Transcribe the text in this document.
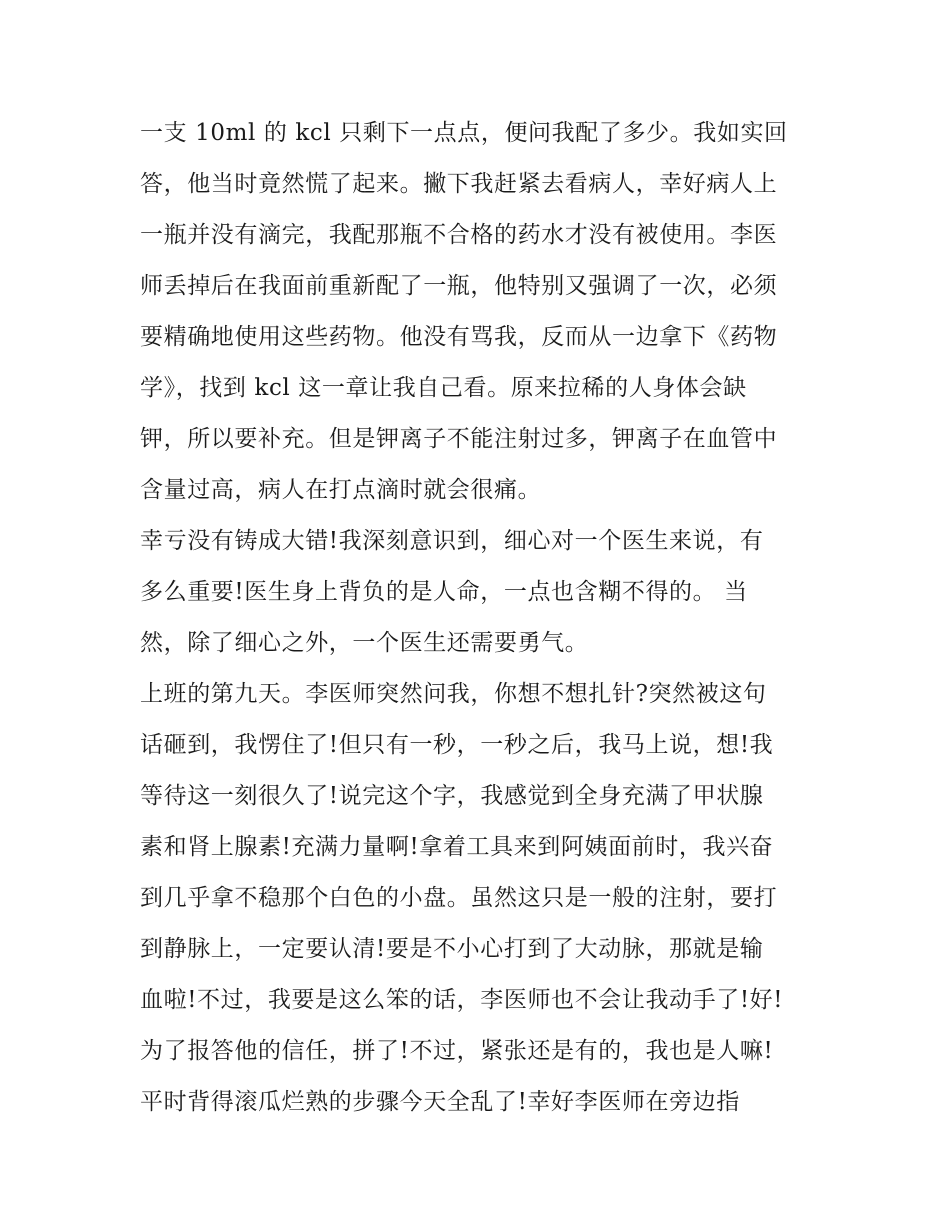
一支 10ml 的 kcl 只剩下一点点，便问我配了多少。我如实回
答，他当时竟然慌了起来。撇下我赶紧去看病人，幸好病人上
一瓶并没有滴完，我配那瓶不合格的药水才没有被使用。李医
师丢掉后在我面前重新配了一瓶，他特别又强调了一次，必须
要精确地使用这些药物。他没有骂我，反而从一边拿下《药物
学》，找到 kcl 这一章让我自己看。原来拉稀的人身体会缺
钾，所以要补充。但是钾离子不能注射过多，钾离子在血管中
含量过高，病人在打点滴时就会很痛。
幸亏没有铸成大错!我深刻意识到，细心对一个医生来说，有
多么重要!医生身上背负的是人命，一点也含糊不得的。 当
然，除了细心之外，一个医生还需要勇气。
上班的第九天。李医师突然问我，你想不想扎针?突然被这句
话砸到，我愣住了!但只有一秒，一秒之后，我马上说，想!我
等待这一刻很久了!说完这个字，我感觉到全身充满了甲状腺
素和肾上腺素!充满力量啊!拿着工具来到阿姨面前时，我兴奋
到几乎拿不稳那个白色的小盘。虽然这只是一般的注射，要打
到静脉上，一定要认清!要是不小心打到了大动脉，那就是输
血啦!不过，我要是这么笨的话，李医师也不会让我动手了!好!
为了报答他的信任，拼了!不过，紧张还是有的，我也是人嘛!
平时背得滚瓜烂熟的步骤今天全乱了!幸好李医师在旁边指
